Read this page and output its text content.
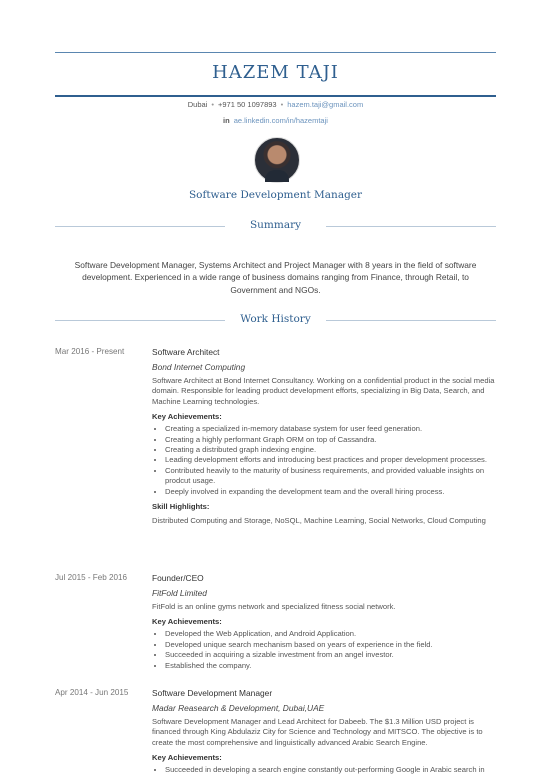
HAZEM TAJI
Dubai • +971 50 1097893 • hazem.taji@gmail.com
in ae.linkedin.com/in/hazemtaji
Software Development Manager
Summary
Software Development Manager, Systems Architect and Project Manager with 8 years in the field of software development. Experienced in a wide range of business domains ranging from Finance, through Retail, to Government and NGOs.
Work History
Mar 2016 - Present	Software Architect
Bond Internet Computing
Software Architect at Bond Internet Consultancy. Working on a confidential product in the social media domain. Responsible for leading product development efforts, specializing in Big Data, Search, and Machine Learning technologies.
Key Achievements:
• Creating a specialized in-memory database system for user feed generation.
• Creating a highly performant Graph ORM on top of Cassandra.
• Creating a distributed graph indexing engine.
• Leading development efforts and introducing best practices and proper development processes.
• Contributed heavily to the maturity of business requirements, and provided valuable insights on prodcut usage.
• Deeply involved in expanding the development team and the overall hiring process.
Skill Highlights:
Distributed Computing and Storage, NoSQL, Machine Learning, Social Networks, Cloud Computing
Jul 2015 - Feb 2016	Founder/CEO
FitFold Limited
FitFold is an online gyms network and specialized fitness social network.
Key Achievements:
• Developed the Web Application, and Android Application.
• Developed unique search mechanism based on years of experience in the field.
• Succeeded in acquiring a sizable investment from an angel investor.
• Established the company.
Apr 2014 - Jun 2015	Software Development Manager
Madar Reasearch & Development, Dubai,UAE
Software Development Manager and Lead Architect for Dabeeb. The $1.3 Million USD project is financed through King Abdulaziz City for Science and Technology and MITSCO. The objective is to create the most comprehensive and linguistically advanced Arabic Search Engine.
Key Achievements:
• Succeeded in developing a search engine constantly out-performing Google in Arabic search in
